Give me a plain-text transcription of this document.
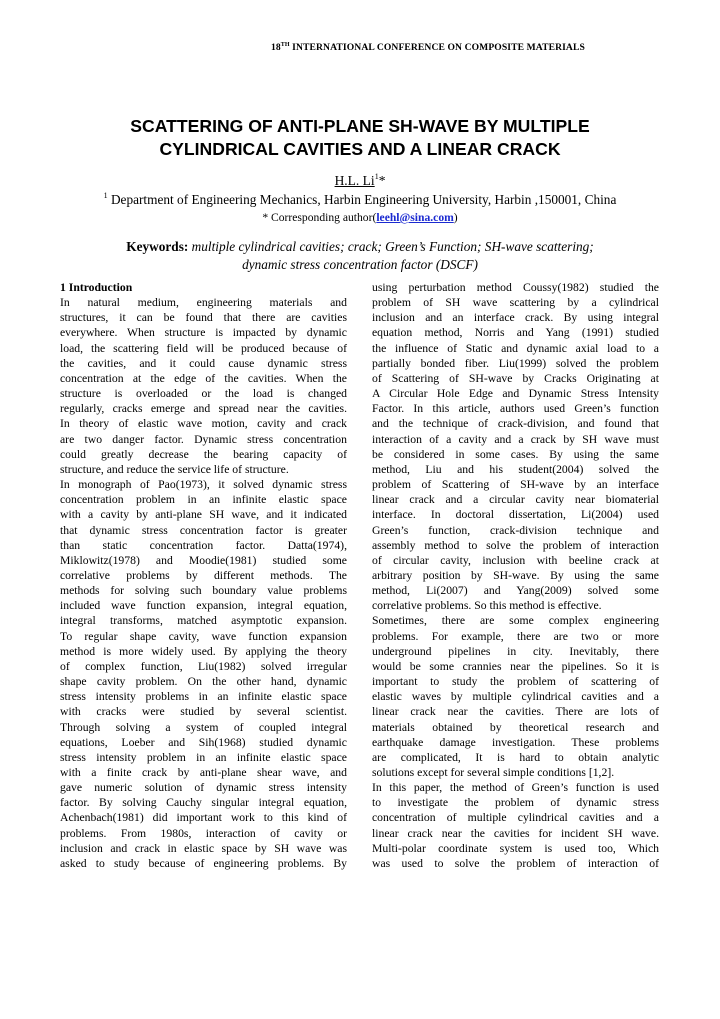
18TH INTERNATIONAL CONFERENCE ON COMPOSITE MATERIALS
SCATTERING OF ANTI-PLANE SH-WAVE BY MULTIPLE
CYLINDRICAL CAVITIES AND A LINEAR CRACK
H.L. Li$^1$*
$^1$ Department of Engineering Mechanics, Harbin Engineering University, Harbin ,150001, China
* Corresponding author(leehl@sina.com)
Keywords: multiple cylindrical cavities; crack; Green’s Function; SH-wave scattering;
dynamic stress concentration factor (DSCF)
1 Introduction

In natural medium, engineering materials and

structures, it can be found that there are cavities

everywhere. When structure is impacted by dynamic

load, the scattering field will be produced because of

the cavities, and it could cause dynamic stress

concentration at the edge of the cavities. When the

structure is overloaded or the load is changed

regularly, cracks emerge and spread near the cavities.

In theory of elastic wave motion, cavity and crack

are two danger factor. Dynamic stress concentration

could greatly decrease the bearing capacity of

structure, and reduce the service life of structure.

In monograph of Pao(1973), it solved dynamic stress

concentration problem in an infinite elastic space

with a cavity by anti-plane SH wave, and it indicated

that dynamic stress concentration factor is greater

than static concentration factor. Datta(1974),

Miklowitz(1978) and Moodie(1981) studied some

correlative problems by different methods. The

methods for solving such boundary value problems

included wave function expansion, integral equation,

integral transforms, matched asymptotic expansion.

To regular shape cavity, wave function expansion

method is more widely used. By applying the theory

of complex function, Liu(1982) solved irregular

shape cavity problem. On the other hand, dynamic

stress intensity problems in an infinite elastic space

with cracks were studied by several scientist.

Through solving a system of coupled integral

equations, Loeber and Sih(1968) studied dynamic

stress intensity problem in an infinite elastic space

with a finite crack by anti-plane shear wave, and

gave numeric solution of dynamic stress intensity

factor. By solving Cauchy singular integral equation,

Achenbach(1981) did important work to this kind of

problems. From 1980s, interaction of cavity or

inclusion and crack in elastic space by SH wave was

asked to study because of engineering problems. By

using perturbation method Coussy(1982) studied the

problem of SH wave scattering by a cylindrical

inclusion and an interface crack. By using integral

equation method, Norris and Yang (1991) studied

the influence of Static and dynamic axial load to a

partially bonded fiber. Liu(1999) solved the problem

of Scattering of SH-wave by Cracks Originating at

A Circular Hole Edge and Dynamic Stress Intensity

Factor. In this article, authors used Green’s function

and the technique of crack-division, and found that

interaction of a cavity and a crack by SH wave must

be considered in some cases. By using the same

method, Liu and his student(2004) solved the

problem of Scattering of SH-wave by an interface

linear crack and a circular cavity near biomaterial

interface. In doctoral dissertation, Li(2004) used

Green’s function, crack-division technique and

assembly method to solve the problem of interaction

of circular cavity, inclusion with beeline crack at

arbitrary position by SH-wave. By using the same

method, Li(2007) and Yang(2009) solved some

correlative problems. So this method is effective.

Sometimes, there are some complex engineering

problems. For example, there are two or more

underground pipelines in city. Inevitably, there

would be some crannies near the pipelines. So it is

important to study the problem of scattering of

elastic waves by multiple cylindrical cavities and a

linear crack near the cavities. There are lots of

materials obtained by theoretical research and

earthquake damage investigation. These problems

are complicated, It is hard to obtain analytic

solutions except for several simple conditions [1,2].

In this paper, the method of Green’s function is used

to investigate the problem of dynamic stress

concentration of multiple cylindrical cavities and a

linear crack near the cavities for incident SH wave.

Multi-polar coordinate system is used too, Which

was used to solve the problem of interaction of
